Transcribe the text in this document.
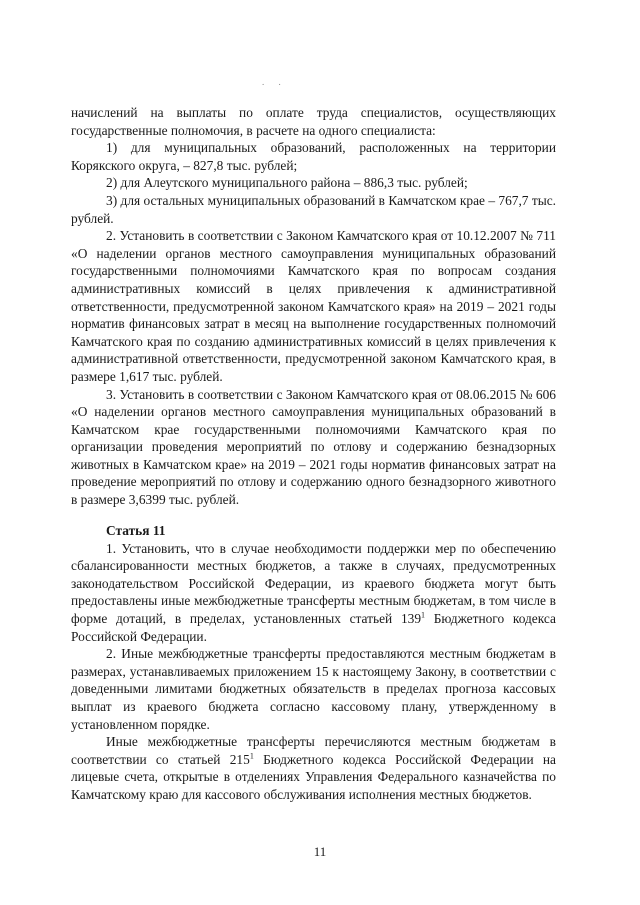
. .

начислений на выплаты по оплате труда специалистов, осуществляющих государственные полномочия, в расчете на одного специалиста:

1) для муниципальных образований, расположенных на территории Корякского округа, – 827,8 тыс. рублей;

2) для Алеутского муниципального района – 886,3 тыс. рублей;

3) для остальных муниципальных образований в Камчатском крае – 767,7 тыс. рублей.

2. Установить в соответствии с Законом Камчатского края от 10.12.2007 № 711 «О наделении органов местного самоуправления муниципальных образований государственными полномочиями Камчатского края по вопросам создания административных комиссий в целях привлечения к административной ответственности, предусмотренной законом Камчатского края» на 2019 – 2021 годы норматив финансовых затрат в месяц на выполнение государственных полномочий Камчатского края по созданию административных комиссий в целях привлечения к административной ответственности, предусмотренной законом Камчатского края, в размере 1,617 тыс. рублей.

3. Установить в соответствии с Законом Камчатского края от 08.06.2015 № 606 «О наделении органов местного самоуправления муниципальных образований в Камчатском крае государственными полномочиями Камчатского края по организации проведения мероприятий по отлову и содержанию безнадзорных животных в Камчатском крае» на 2019 – 2021 годы норматив финансовых затрат на проведение мероприятий по отлову и содержанию одного безнадзорного животного в размере 3,6399 тыс. рублей.

Статья 11

1. Установить, что в случае необходимости поддержки мер по обеспечению сбалансированности местных бюджетов, а также в случаях, предусмотренных законодательством Российской Федерации, из краевого бюджета могут быть предоставлены иные межбюджетные трансферты местным бюджетам, в том числе в форме дотаций, в пределах, установленных статьей $139^1$ Бюджетного кодекса Российской Федерации.

2. Иные межбюджетные трансферты предоставляются местным бюджетам в размерах, устанавливаемых приложением 15 к настоящему Закону, в соответствии с доведенными лимитами бюджетных обязательств в пределах прогноза кассовых выплат из краевого бюджета согласно кассовому плану, утвержденному в установленном порядке.

Иные межбюджетные трансферты перечисляются местным бюджетам в соответствии со статьей $215^1$ Бюджетного кодекса Российской Федерации на лицевые счета, открытые в отделениях Управления Федерального казначейства по Камчатскому краю для кассового обслуживания исполнения местных бюджетов.

11
